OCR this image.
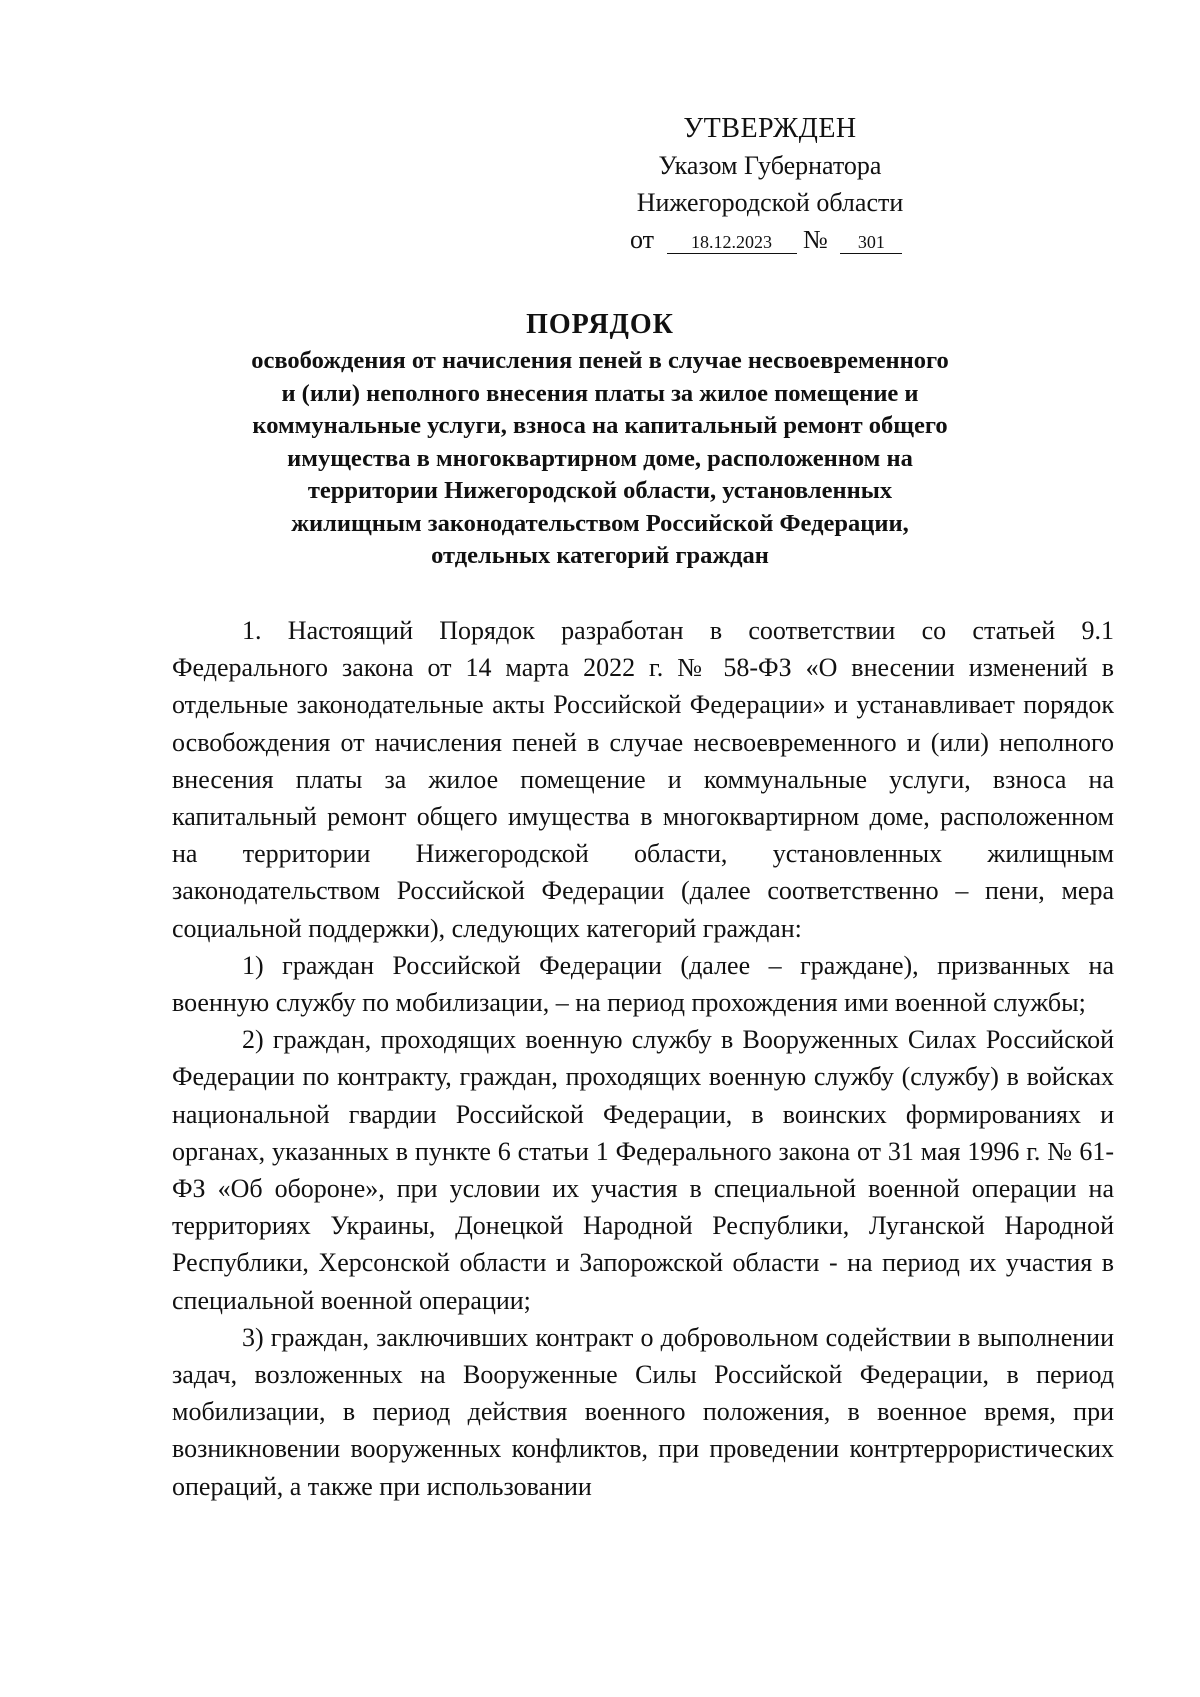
УТВЕРЖДЕН
Указом Губернатора
Нижегородской области
от 18.12.2023 № 301
ПОРЯДОК
освобождения от начисления пеней в случае несвоевременного
и (или) неполного внесения платы за жилое помещение и
коммунальные услуги, взноса на капитальный ремонт общего
имущества в многоквартирном доме, расположенном на
территории Нижегородской области, установленных
жилищным законодательством Российской Федерации,
отдельных категорий граждан

1. Настоящий Порядок разработан в соответствии со статьей 9.1 Федерального закона от 14 марта 2022 г. № 58-ФЗ «О внесении изменений в отдельные законодательные акты Российской Федерации» и устанавливает порядок освобождения от начисления пеней в случае несвоевременного и (или) неполного внесения платы за жилое помещение и коммунальные услуги, взноса на капитальный ремонт общего имущества в многоквартирном доме, расположенном на территории Нижегородской области, установленных жилищным законодательством Российской Федерации (далее соответственно – пени, мера социальной поддержки), следующих категорий граждан:

1) граждан Российской Федерации (далее – граждане), призванных на военную службу по мобилизации, – на период прохождения ими военной службы;

2) граждан, проходящих военную службу в Вооруженных Силах Российской Федерации по контракту, граждан, проходящих военную службу (службу) в войсках национальной гвардии Российской Федерации, в воинских формированиях и органах, указанных в пункте 6 статьи 1 Федерального закона от 31 мая 1996 г. № 61-ФЗ «Об обороне», при условии их участия в специальной военной операции на территориях Украины, Донецкой Народной Республики, Луганской Народной Республики, Херсонской области и Запорожской области - на период их участия в специальной военной операции;

3) граждан, заключивших контракт о добровольном содействии в выполнении задач, возложенных на Вооруженные Силы Российской Федерации, в период мобилизации, в период действия военного положения, в военное время, при возникновении вооруженных конфликтов, при проведении контртеррористических операций, а также при использовании
